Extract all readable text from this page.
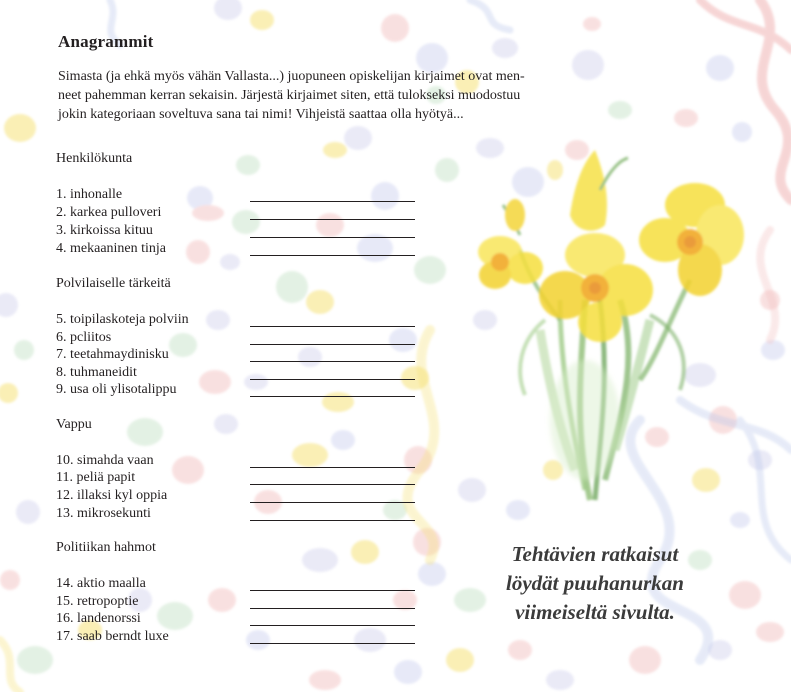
Anagrammit
Simasta (ja ehkä myös vähän Vallasta...) juopuneen opiskelijan kirjaimet ovat men-
neet pahemman kerran sekaisin. Järjestä kirjaimet siten, että tulokseksi muodostuu
jokin kategoriaan soveltuva sana tai nimi! Vihjeistä saattaa olla hyötyä...
Henkilökunta
1. inhonalle
2. karkea pulloveri
3. kirkoissa kituu
4. mekaaninen tinja
Polvilaiselle tärkeitä
5. toipilaskoteja polviin
6. pcliitos
7. teetahmaydinisku
8. tuhmaneidit
9. usa oli ylisotalippu
Vappu
10. simahda vaan
11. peliä papit
12. illaksi kyl oppia
13. mikrosekunti
Politiikan hahmot
14. aktio maalla
15. retropoptie
16. landenorssi
17. saab berndt luxe
Tehtävien ratkaisut
löydät puuhanurkan
viimeiseltä sivulta.
